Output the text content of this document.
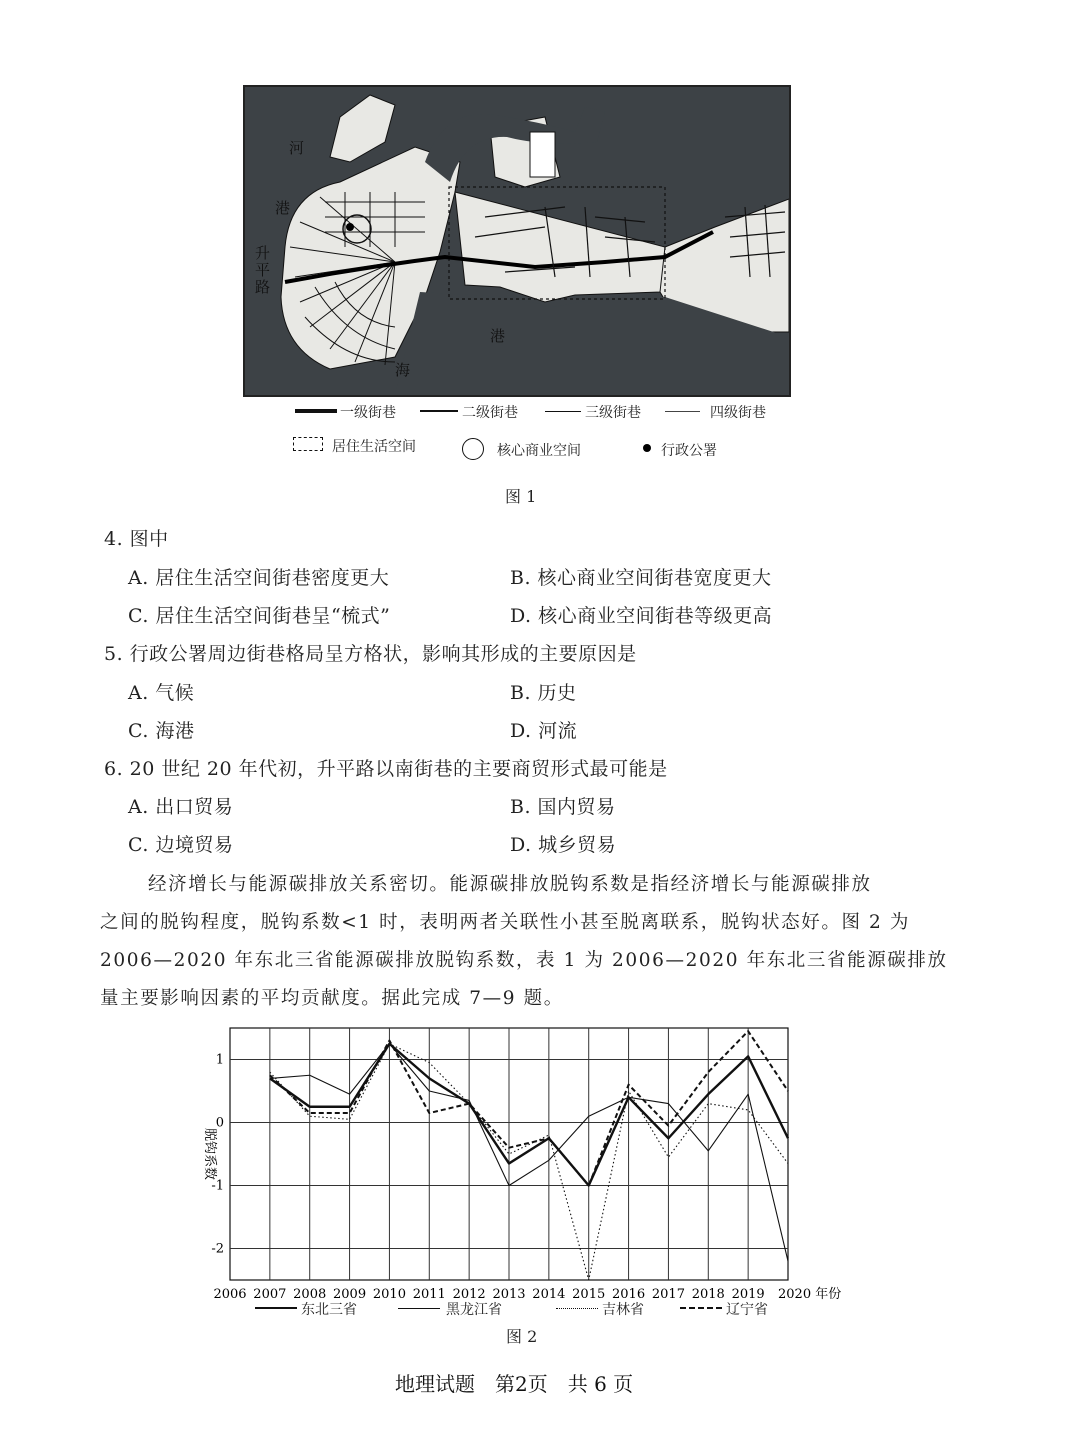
河
港
升平路
港
海
一级街巷	二级街巷	三级街巷	四级街巷
居住生活空间	核心商业空间	行政公署
图 1
4. 图中
A. 居住生活空间街巷密度更大	B. 核心商业空间街巷宽度更大
C. 居住生活空间街巷呈“梳式”	D. 核心商业空间街巷等级更高
5. 行政公署周边街巷格局呈方格状，影响其形成的主要原因是
A. 气候	B. 历史
C. 海港	D. 河流
6. 20 世纪 20 年代初，升平路以南街巷的主要商贸形式最可能是
A. 出口贸易	B. 国内贸易
C. 边境贸易	D. 城乡贸易
经济增长与能源碳排放关系密切。能源碳排放脱钩系数是指经济增长与能源碳排放
之间的脱钩程度，脱钩系数<1 时，表明两者关联性小甚至脱离联系，脱钩状态好。图 2 为
2006—2020 年东北三省能源碳排放脱钩系数，表 1 为 2006—2020 年东北三省能源碳排放
量主要影响因素的平均贡献度。据此完成 7—9 题。
1
0
-1
-2
2006 2007 2008 2009 2010 2011 2012 2013 2014 2015 2016 2017 2018 2019 2020 年份
脱钩系数
东北三省	黑龙江省	吉林省	辽宁省
图 2
地理试题　第2页　共 6 页
